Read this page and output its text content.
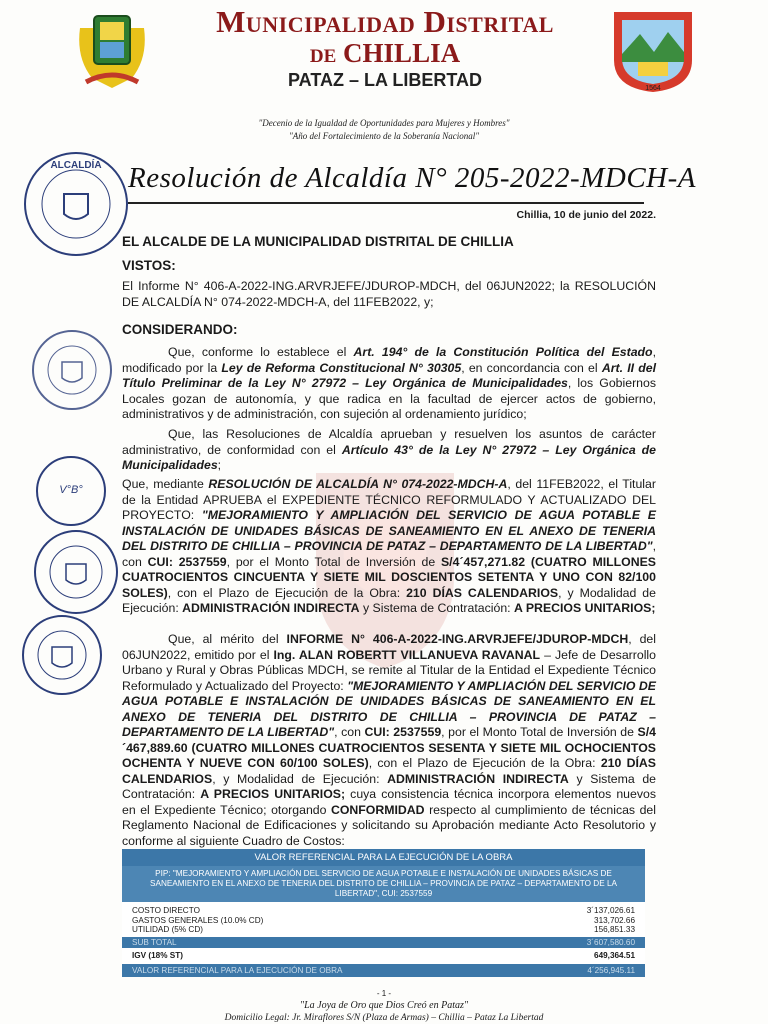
1564
Municipalidad Distrital
de CHILLIA
PATAZ – LA LIBERTAD
"Decenio de la Igualdad de Oportunidades para Mujeres y Hombres"
"Año del Fortalecimiento de la Soberanía Nacional"
ALCALDÍA Resolución de Alcaldía N° 205-2022-MDCH-A
Chillia, 10 de junio del 2022.
EL ALCALDE DE LA MUNICIPALIDAD DISTRITAL DE CHILLIA
VISTOS:
El Informe N° 406-A-2022-ING.ARVRJEFE/JDUROP-MDCH, del 06JUN2022; la RESOLUCIÓN DE ALCALDÍA N° 074-2022-MDCH-A, del 11FEB2022, y;
CONSIDERANDO:
Que, conforme lo establece el Art. 194° de la Constitución Política del Estado, modificado por la Ley de Reforma Constitucional N° 30305, en concordancia con el Art. II del Título Preliminar de la Ley N° 27972 – Ley Orgánica de Municipalidades, los Gobiernos Locales gozan de autonomía, y que radica en la facultad de ejercer actos de gobierno, administrativos y de administración, con sujeción al ordenamiento jurídico;
Que, las Resoluciones de Alcaldía aprueban y resuelven los asuntos de carácter administrativo, de conformidad con el Artículo 43° de la Ley N° 27972 – Ley Orgánica de Municipalidades;
Que, mediante RESOLUCIÓN DE ALCALDÍA N° 074-2022-MDCH-A, del 11FEB2022, el Titular de la Entidad APRUEBA el EXPEDIENTE TÉCNICO REFORMULADO Y ACTUALIZADO DEL PROYECTO: "MEJORAMIENTO Y AMPLIACIÓN DEL SERVICIO DE AGUA POTABLE E INSTALACIÓN DE UNIDADES BÁSICAS DE SANEAMIENTO EN EL ANEXO DE TENERIA DEL DISTRITO DE CHILLIA – PROVINCIA DE PATAZ – DEPARTAMENTO DE LA LIBERTAD", con CUI: 2537559, por el Monto Total de Inversión de S/4´457,271.82 (CUATRO MILLONES CUATROCIENTOS CINCUENTA Y SIETE MIL DOSCIENTOS SETENTA Y UNO CON 82/100 SOLES), con el Plazo de Ejecución de la Obra: 210 DÍAS CALENDARIOS, y Modalidad de Ejecución: ADMINISTRACIÓN INDIRECTA y Sistema de Contratación: A PRECIOS UNITARIOS;
Que, al mérito del INFORME N° 406-A-2022-ING.ARVRJEFE/JDUROP-MDCH, del 06JUN2022, emitido por el Ing. ALAN ROBERTT VILLANUEVA RAVANAL – Jefe de Desarrollo Urbano y Rural y Obras Públicas MDCH, se remite al Titular de la Entidad el Expediente Técnico Reformulado y Actualizado del Proyecto: "MEJORAMIENTO Y AMPLIACIÓN DEL SERVICIO DE AGUA POTABLE E INSTALACIÓN DE UNIDADES BÁSICAS DE SANEAMIENTO EN EL ANEXO DE TENERIA DEL DISTRITO DE CHILLIA – PROVINCIA DE PATAZ – DEPARTAMENTO DE LA LIBERTAD", con CUI: 2537559, por el Monto Total de Inversión de S/4´467,889.60 (CUATRO MILLONES CUATROCIENTOS SESENTA Y SIETE MIL OCHOCIENTOS OCHENTA Y NUEVE CON 60/100 SOLES), con el Plazo de Ejecución de la Obra: 210 DÍAS CALENDARIOS, y Modalidad de Ejecución: ADMINISTRACIÓN INDIRECTA y Sistema de Contratación: A PRECIOS UNITARIOS; cuya consistencia técnica incorpora elementos nuevos en el Expediente Técnico; otorgando CONFORMIDAD respecto al cumplimiento de técnicas del Reglamento Nacional de Edificaciones y solicitando su Aprobación mediante Acto Resolutorio y conforme al siguiente Cuadro de Costos:
V°B°
VALOR REFERENCIAL PARA LA EJECUCIÓN DE LA OBRA
PIP: "MEJORAMIENTO Y AMPLIACIÓN DEL SERVICIO DE AGUA POTABLE E INSTALACIÓN DE UNIDADES BÁSICAS DE SANEAMIENTO EN EL ANEXO DE TENERIA DEL DISTRITO DE CHILLIA – PROVINCIA DE PATAZ – DEPARTAMENTO DE LA LIBERTAD", CUI: 2537559
COSTO DIRECTO	3´137,026.61
GASTOS GENERALES (10.0% CD)	313,702.66
UTILIDAD (5% CD)	156,851.33
SUB TOTAL	3´607,580.60
IGV (18% ST)	649,364.51
VALOR REFERENCIAL PARA LA EJECUCIÓN DE OBRA	4´256,945.11
- 1 -
"La Joya de Oro que Dios Creó en Pataz"
Domicilio Legal: Jr. Miraflores S/N (Plaza de Armas) – Chillia – Pataz La Libertad
